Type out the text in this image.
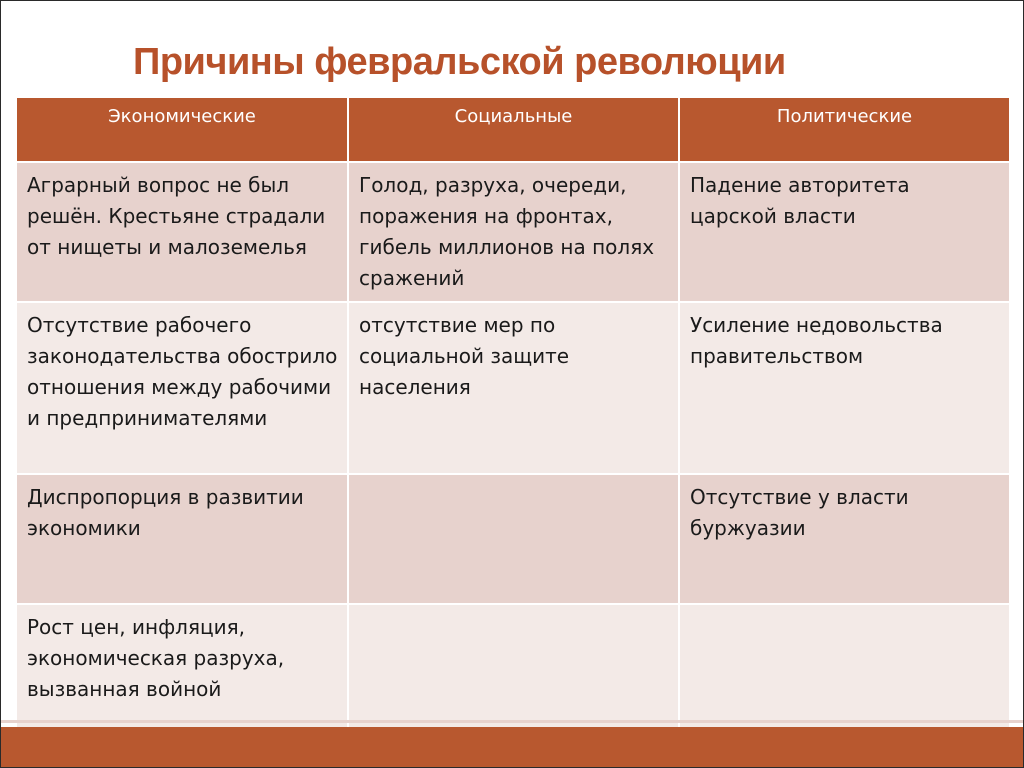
Причины февральской революции
Экономические	Социальные	Политические
Аграрный вопрос не был решён. Крестьяне страдали от нищеты и малоземелья	Голод, разруха, очереди, поражения на фронтах, гибель миллионов на полях сражений	Падение авторитета царской власти
Отсутствие рабочего законодательства обострило отношения между рабочими и предпринимателями	отсутствие мер по социальной защите населения	Усиление недовольства правительством
Диспропорция в развитии экономики		Отсутствие у власти буржуазии
Рост цен, инфляция, экономическая разруха, вызванная войной		
